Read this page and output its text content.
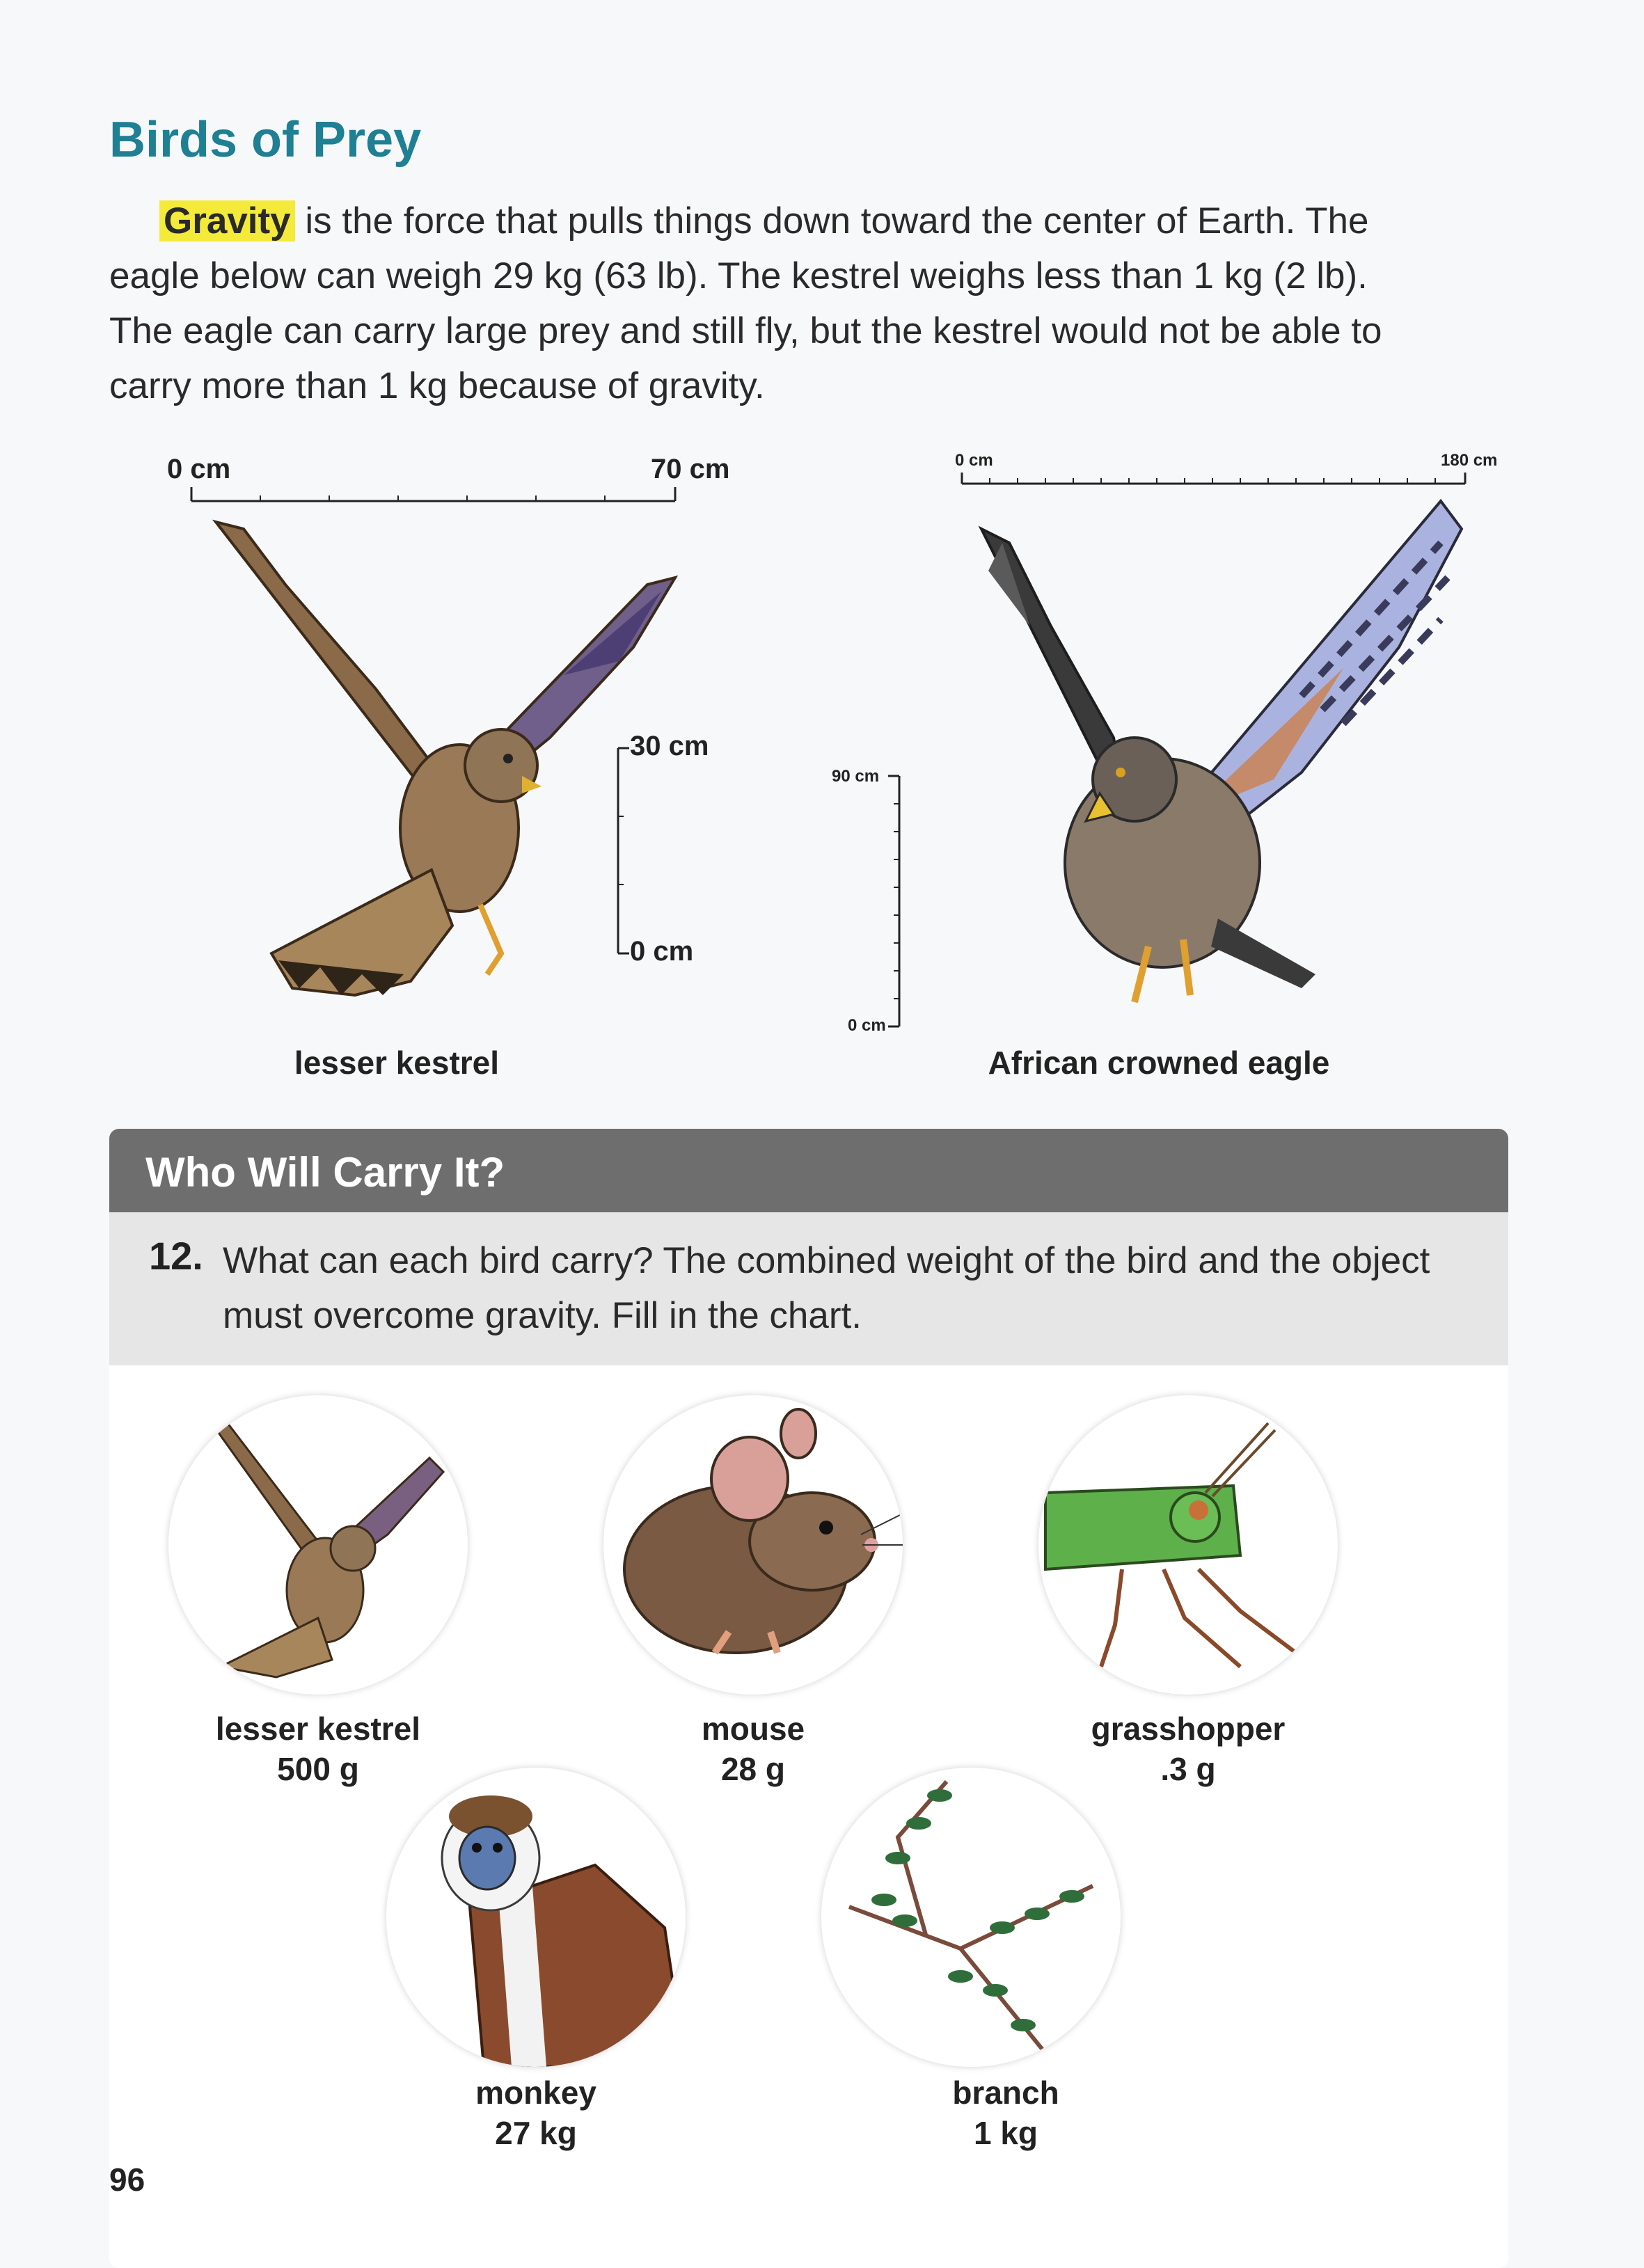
Birds of Prey

Gravity is the force that pulls things down toward the center of Earth. The eagle below can weigh 29 kg (63 lb). The kestrel weighs less than 1 kg (2 lb). The eagle can carry large prey and still fly, but the kestrel would not be able to carry more than 1 kg because of gravity.

0 cm	70 cm
30 cm
0 cm
0 cm	180 cm
90 cm
0 cm
lesser kestrel	African crowned eagle
Who Will Carry It?
12. What can each bird carry? The combined weight of the bird and the object must overcome gravity. Fill in the chart.
lesser kestrel
500 g
mouse
28 g
grasshopper
.3 g
monkey
27 kg
branch
1 kg
96
